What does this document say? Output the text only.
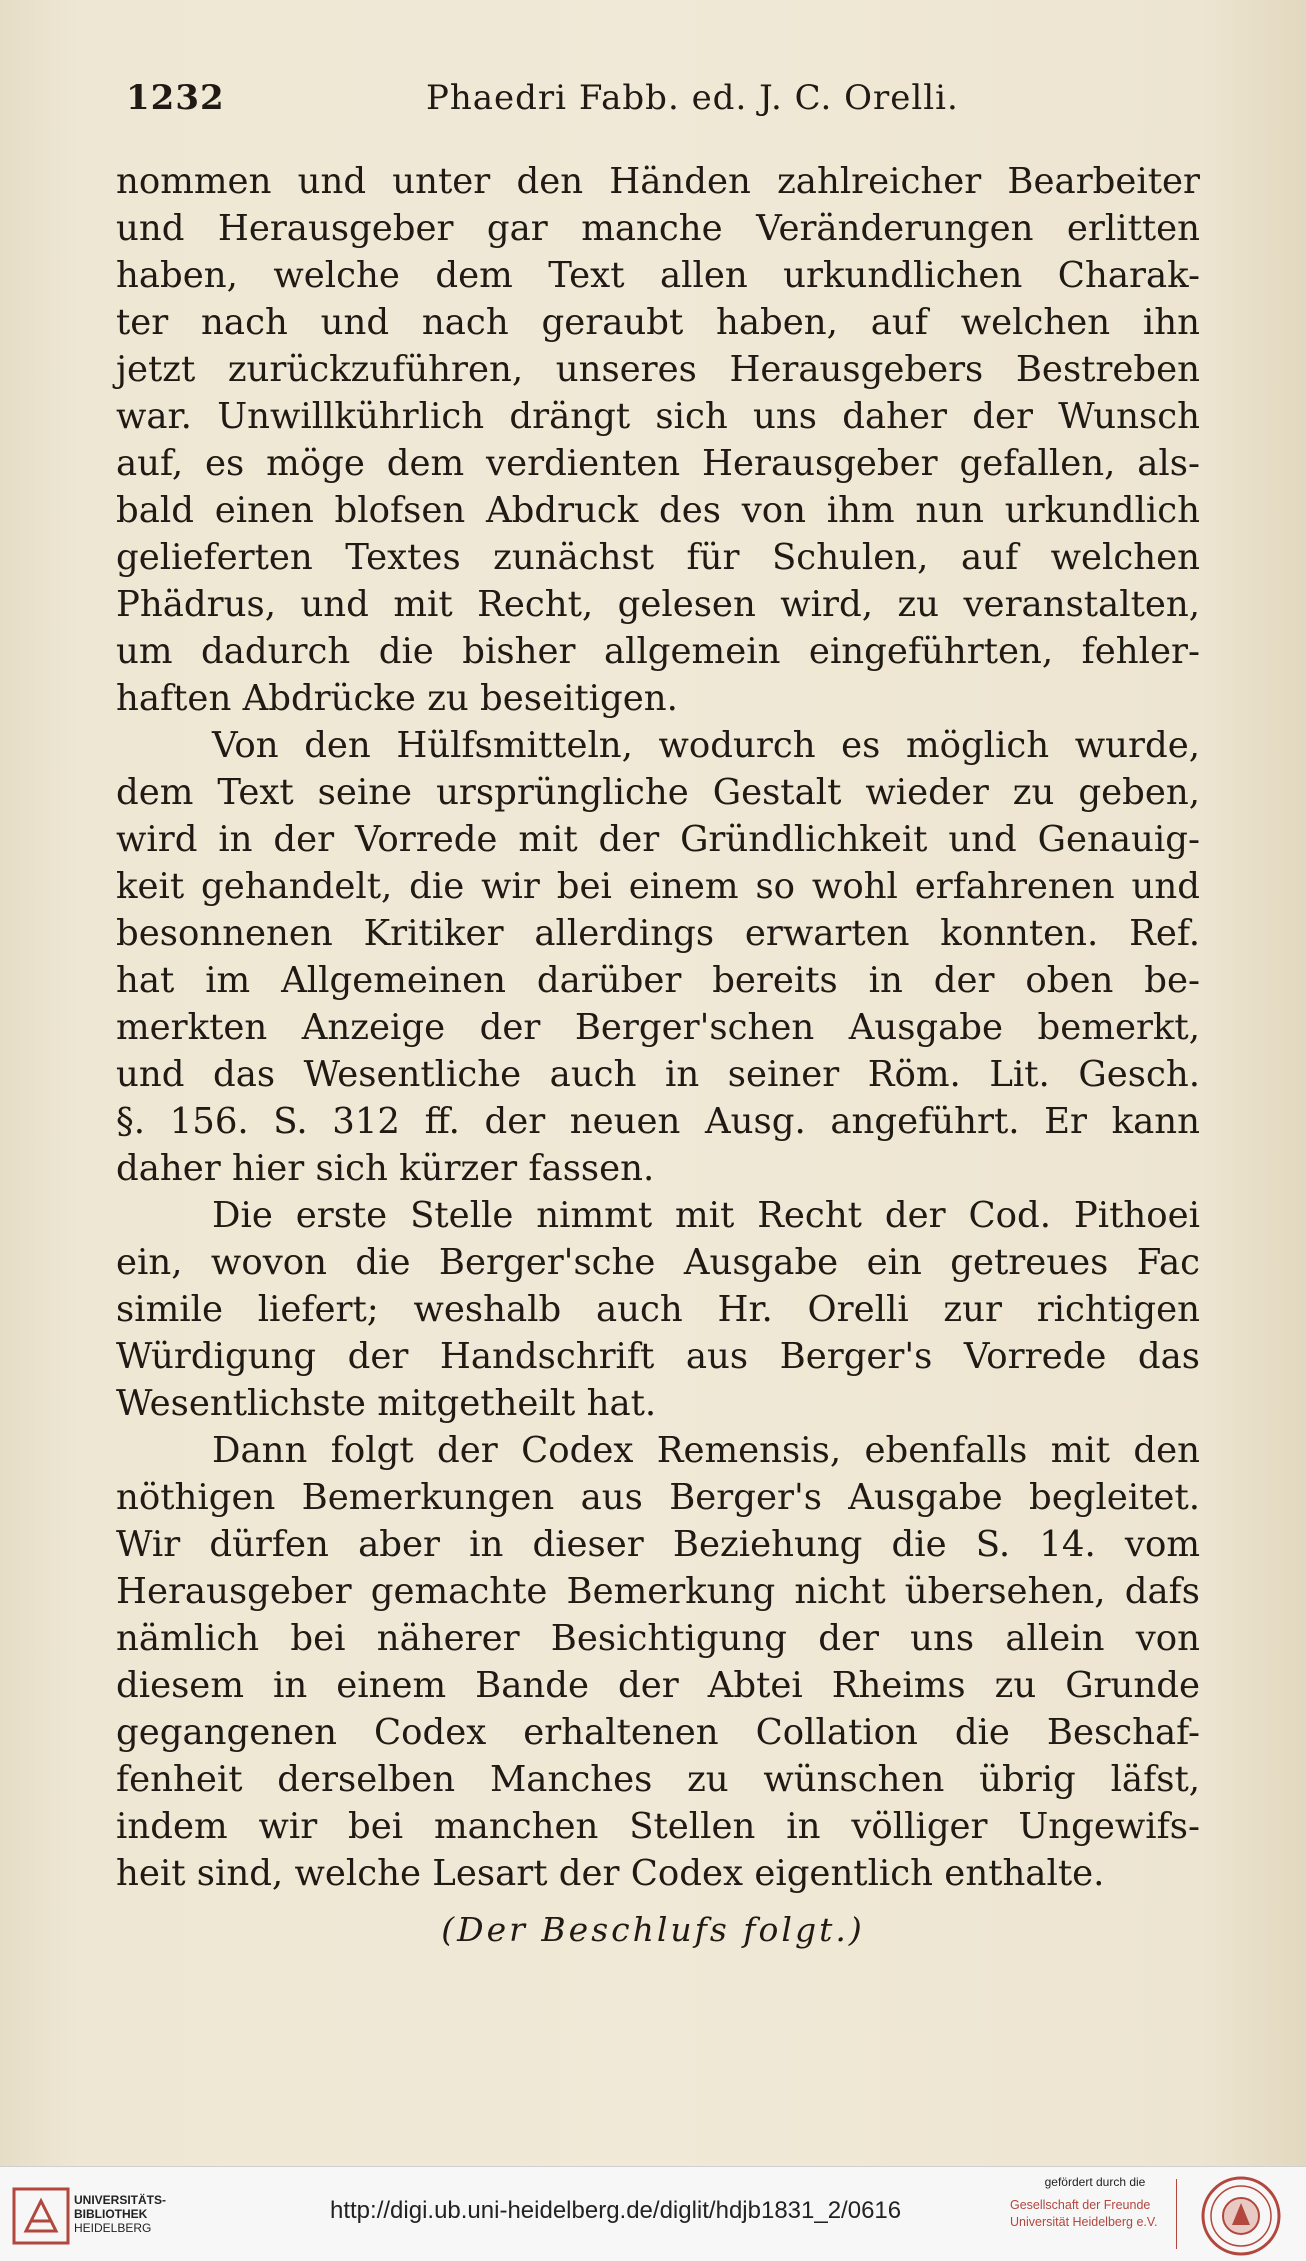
1232	Phaedri Fabb. ed. J. C. Orelli.
nommen und unter den Händen zahlreicher Bearbeiter
und Herausgeber gar manche Veränderungen erlitten
haben, welche dem Text allen urkundlichen Charak-
ter nach und nach geraubt haben, auf welchen ihn
jetzt zurückzuführen, unseres Herausgebers Bestreben
war. Unwillkührlich drängt sich uns daher der Wunsch
auf, es möge dem verdienten Herausgeber gefallen, als-
bald einen blofsen Abdruck des von ihm nun urkundlich
gelieferten Textes zunächst für Schulen, auf welchen
Phädrus, und mit Recht, gelesen wird, zu veranstalten,
um dadurch die bisher allgemein eingeführten, fehler-
haften Abdrücke zu beseitigen.
Von den Hülfsmitteln, wodurch es möglich wurde,
dem Text seine ursprüngliche Gestalt wieder zu geben,
wird in der Vorrede mit der Gründlichkeit und Genauig-
keit gehandelt, die wir bei einem so wohl erfahrenen und
besonnenen Kritiker allerdings erwarten konnten. Ref.
hat im Allgemeinen darüber bereits in der oben be-
merkten Anzeige der Berger'schen Ausgabe bemerkt,
und das Wesentliche auch in seiner Röm. Lit. Gesch.
§. 156. S. 312 ff. der neuen Ausg. angeführt. Er kann
daher hier sich kürzer fassen.
Die erste Stelle nimmt mit Recht der Cod. Pithoei
ein, wovon die Berger'sche Ausgabe ein getreues Fac
simile liefert; weshalb auch Hr. Orelli zur richtigen
Würdigung der Handschrift aus Berger's Vorrede das
Wesentlichste mitgetheilt hat.
Dann folgt der Codex Remensis, ebenfalls mit den
nöthigen Bemerkungen aus Berger's Ausgabe begleitet.
Wir dürfen aber in dieser Beziehung die S. 14. vom
Herausgeber gemachte Bemerkung nicht übersehen, dafs
nämlich bei näherer Besichtigung der uns allein von
diesem in einem Bande der Abtei Rheims zu Grunde
gegangenen Codex erhaltenen Collation die Beschaf-
fenheit derselben Manches zu wünschen übrig läfst,
indem wir bei manchen Stellen in völliger Ungewifs-
heit sind, welche Lesart der Codex eigentlich enthalte.
(Der Beschlufs folgt.)
UNIVERSITÄTS-
BIBLIOTHEK
HEIDELBERG
http://digi.ub.uni-heidelberg.de/diglit/hdjb1831_2/0616
gefördert durch die
Gesellschaft der Freunde
Universität Heidelberg e.V.
